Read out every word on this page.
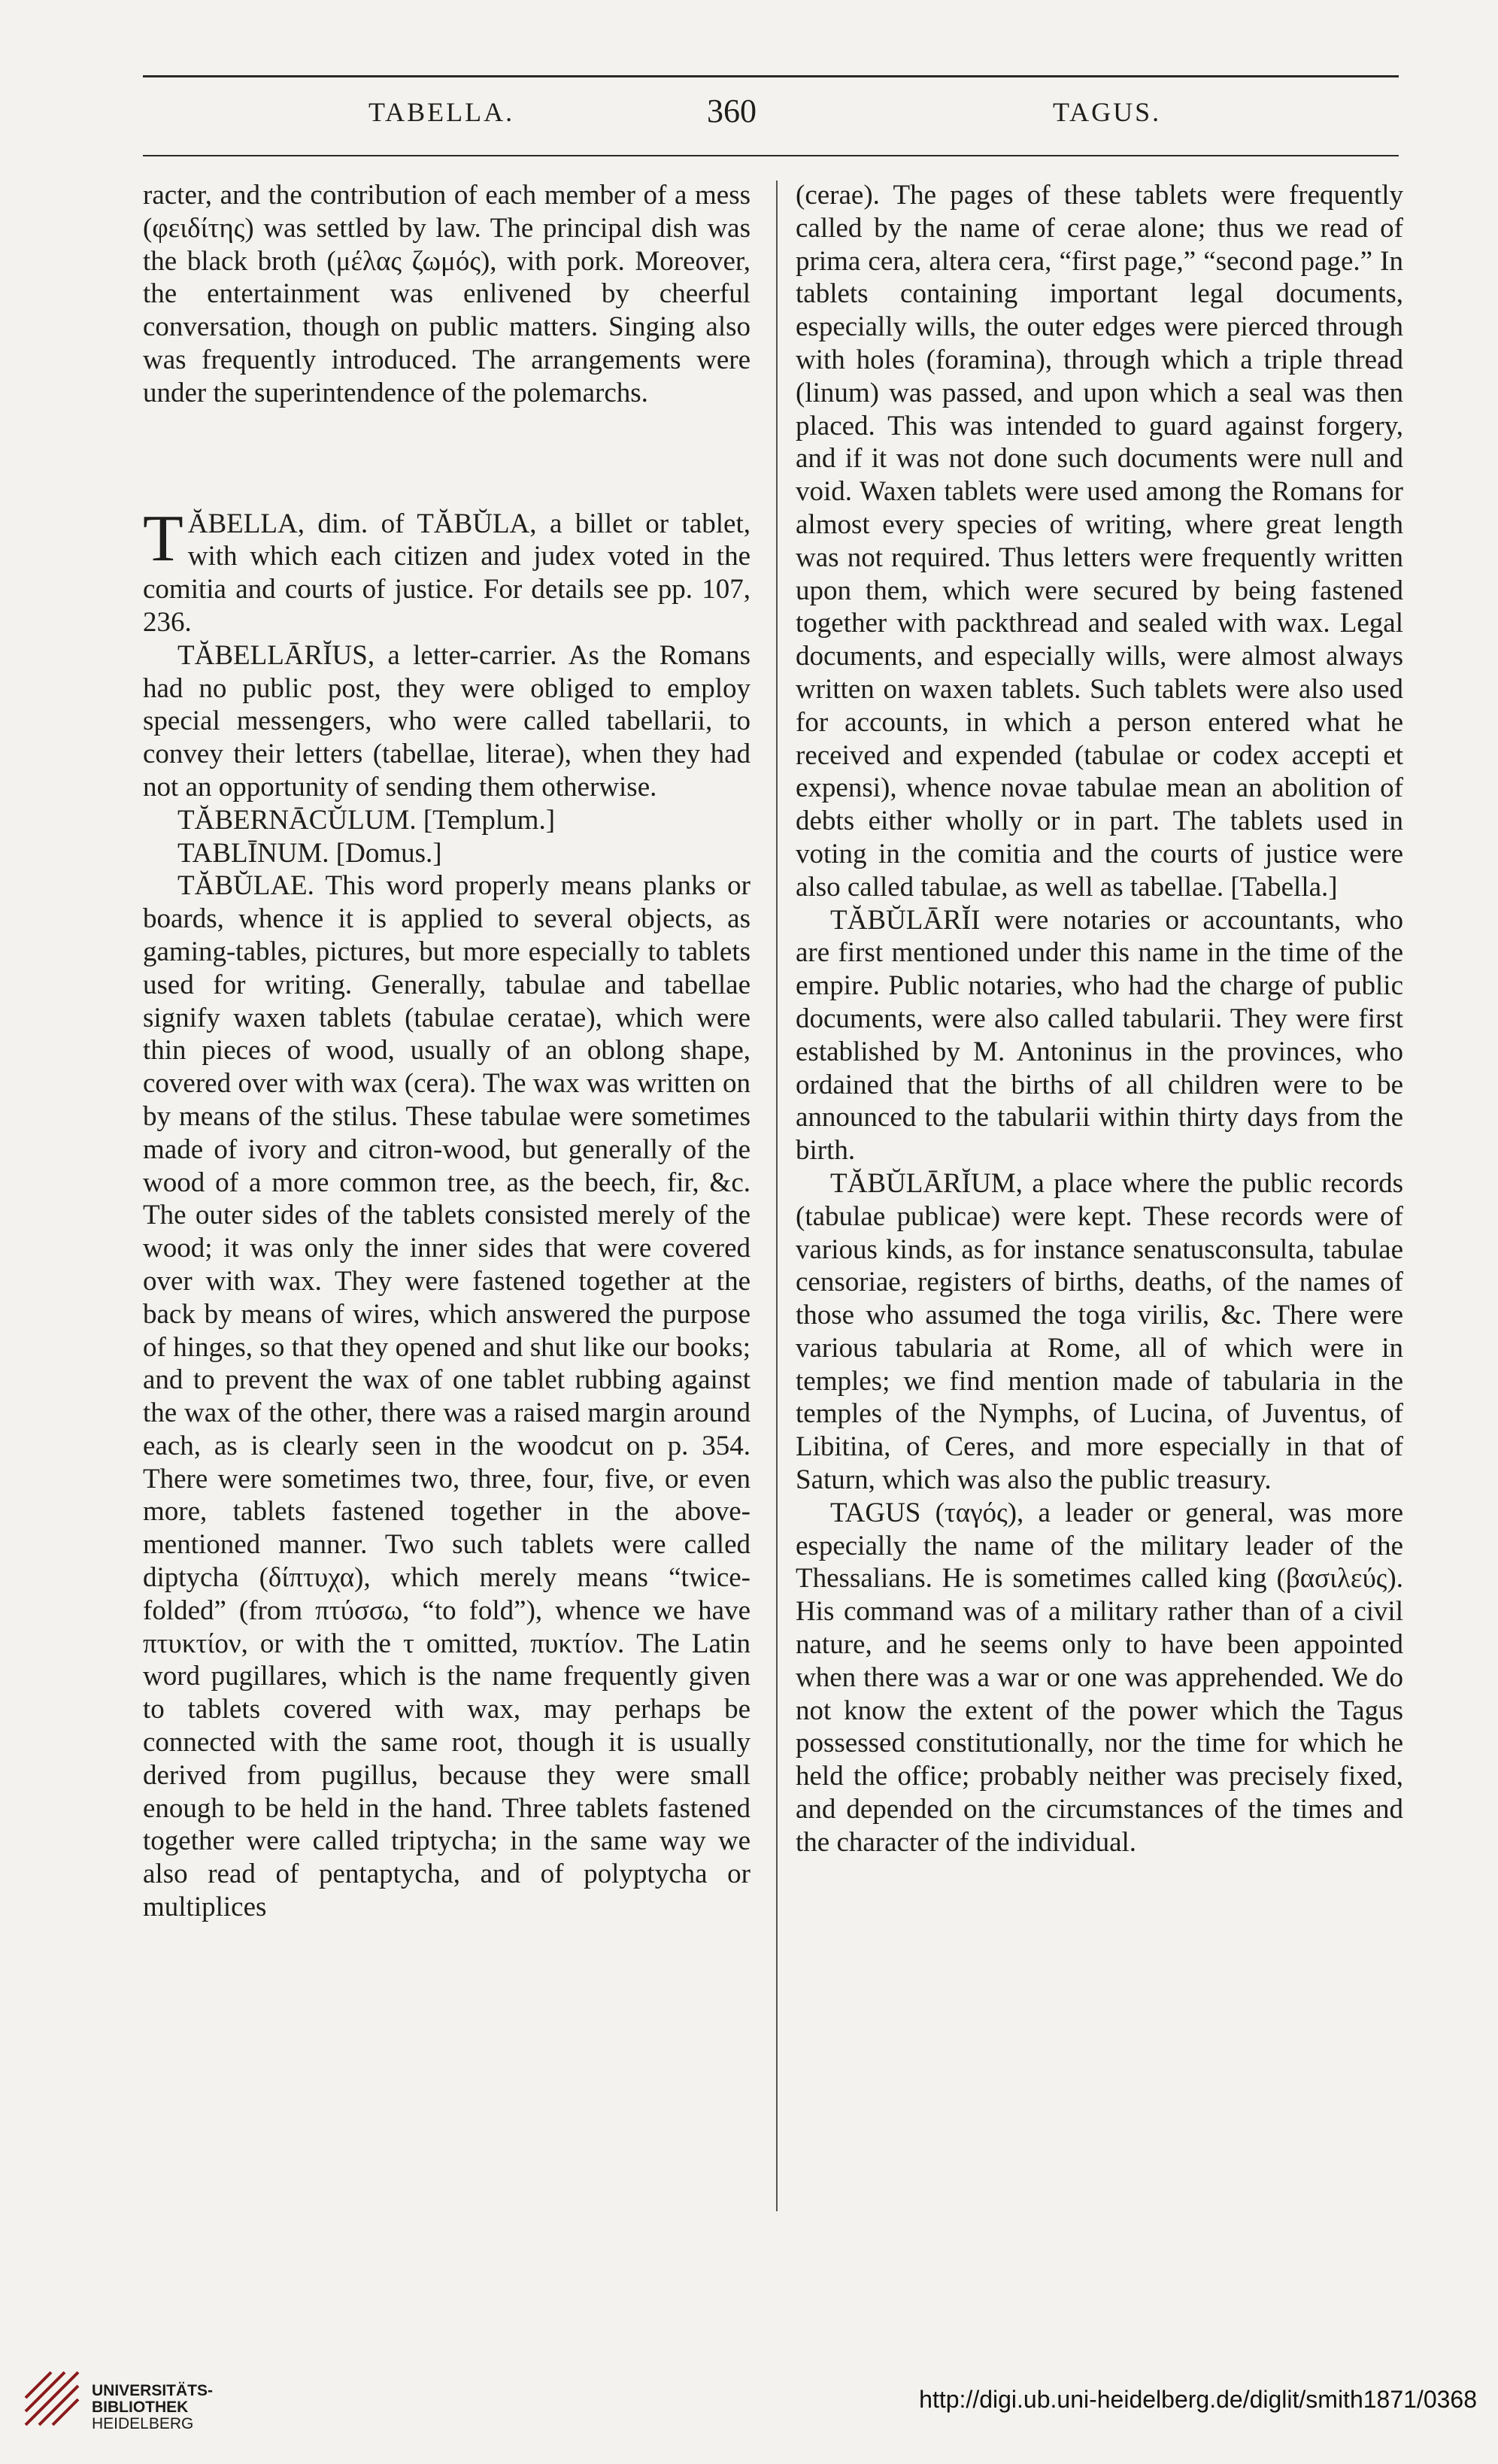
TABELLA.	360	TAGUS.

racter, and the contribution of each member of a mess (φειδίτης) was settled by law. The principal dish was the black broth (μέλας ζωμός), with pork. Moreover, the entertainment was enlivened by cheerful conversation, though on public matters. Singing also was frequently introduced. The arrangements were under the superintendence of the polemarchs.

TĂBELLA, dim. of TĂBŬLA, a billet or tablet, with which each citizen and judex voted in the comitia and courts of justice. For details see pp. 107, 236.

TĂBELLĀRĬUS, a letter-carrier. As the Romans had no public post, they were obliged to employ special messengers, who were called tabellarii, to convey their letters (tabellae, literae), when they had not an opportunity of sending them otherwise.

TĂBERNĀCŬLUM. [Templum.]

TABLĪNUM. [Domus.]

TĂBŬLAE. This word properly means planks or boards, whence it is applied to several objects, as gaming-tables, pictures, but more especially to tablets used for writing. Generally, tabulae and tabellae signify waxen tablets (tabulae ceratae), which were thin pieces of wood, usually of an oblong shape, covered over with wax (cera). The wax was written on by means of the stilus. These tabulae were sometimes made of ivory and citron-wood, but generally of the wood of a more common tree, as the beech, fir, &c. The outer sides of the tablets consisted merely of the wood; it was only the inner sides that were covered over with wax. They were fastened together at the back by means of wires, which answered the purpose of hinges, so that they opened and shut like our books; and to prevent the wax of one tablet rubbing against the wax of the other, there was a raised margin around each, as is clearly seen in the woodcut on p. 354. There were sometimes two, three, four, five, or even more, tablets fastened together in the above-mentioned manner. Two such tablets were called diptycha (δίπτυχα), which merely means “twice-folded” (from πτύσσω, “to fold”), whence we have πτυκτίον, or with the τ omitted, πυκτίον. The Latin word pugillares, which is the name frequently given to tablets covered with wax, may perhaps be connected with the same root, though it is usually derived from pugillus, because they were small enough to be held in the hand. Three tablets fastened together were called triptycha; in the same way we also read of pentaptycha, and of polyptycha or multiplices

(cerae). The pages of these tablets were frequently called by the name of cerae alone; thus we read of prima cera, altera cera, “first page,” “second page.” In tablets containing important legal documents, especially wills, the outer edges were pierced through with holes (foramina), through which a triple thread (linum) was passed, and upon which a seal was then placed. This was intended to guard against forgery, and if it was not done such documents were null and void. Waxen tablets were used among the Romans for almost every species of writing, where great length was not required. Thus letters were frequently written upon them, which were secured by being fastened together with packthread and sealed with wax. Legal documents, and especially wills, were almost always written on waxen tablets. Such tablets were also used for accounts, in which a person entered what he received and expended (tabulae or codex accepti et expensi), whence novae tabulae mean an abolition of debts either wholly or in part. The tablets used in voting in the comitia and the courts of justice were also called tabulae, as well as tabellae. [Tabella.]

TĂBŬLĀRĬI were notaries or accountants, who are first mentioned under this name in the time of the empire. Public notaries, who had the charge of public documents, were also called tabularii. They were first established by M. Antoninus in the provinces, who ordained that the births of all children were to be announced to the tabularii within thirty days from the birth.

TĂBŬLĀRĬUM, a place where the public records (tabulae publicae) were kept. These records were of various kinds, as for instance senatusconsulta, tabulae censoriae, registers of births, deaths, of the names of those who assumed the toga virilis, &c. There were various tabularia at Rome, all of which were in temples; we find mention made of tabularia in the temples of the Nymphs, of Lucina, of Juventus, of Libitina, of Ceres, and more especially in that of Saturn, which was also the public treasury.

TAGUS (ταγός), a leader or general, was more especially the name of the military leader of the Thessalians. He is sometimes called king (βασιλεύς). His command was of a military rather than of a civil nature, and he seems only to have been appointed when there was a war or one was apprehended. We do not know the extent of the power which the Tagus possessed constitutionally, nor the time for which he held the office; probably neither was precisely fixed, and depended on the circumstances of the times and the character of the individual.

UNIVERSITÄTS-
BIBLIOTHEK
HEIDELBERG
http://digi.ub.uni-heidelberg.de/diglit/smith1871/0368
